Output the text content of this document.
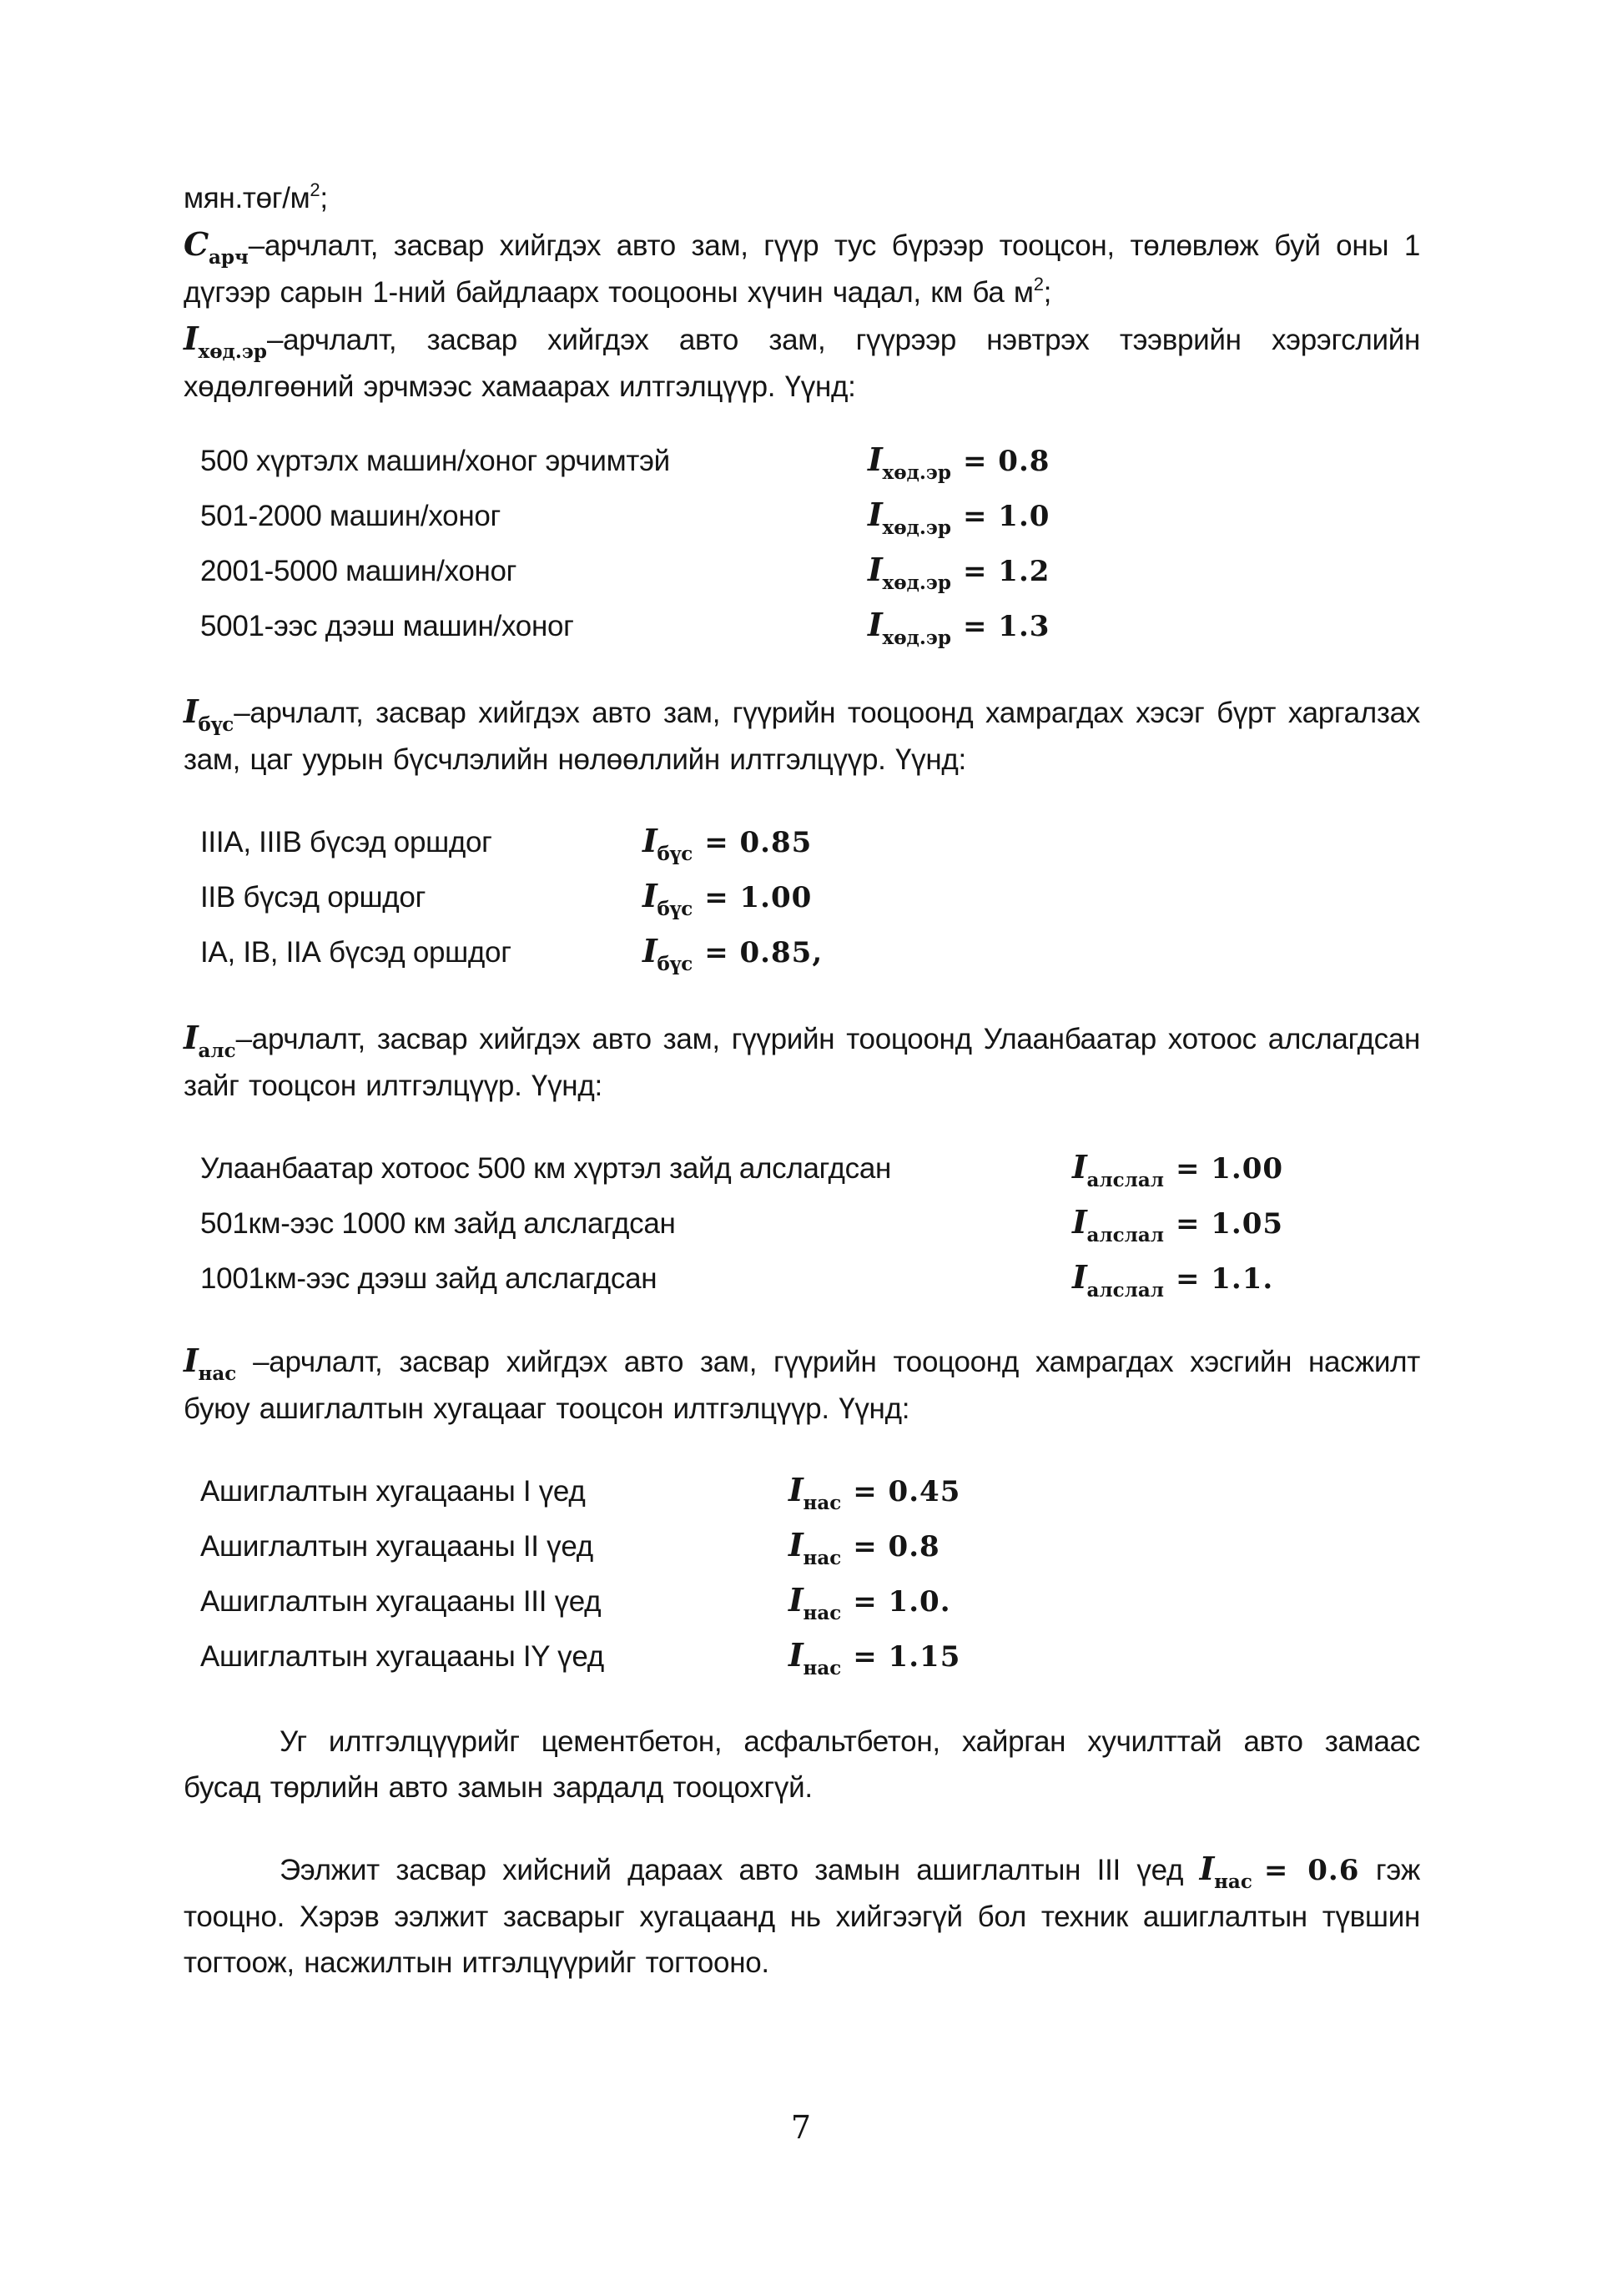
$мян.төг/м^2$;

$C_{арч}$–арчлалт, засвар хийгдэх авто зам, гүүр тус бүрээр тооцсон, төлөвлөж буй оны 1 дүгээр сарын 1-ний байдлаарх тооцооны хүчин чадал, км ба $м^2$;

$I_{хөд.эр}$–арчлалт, засвар хийгдэх авто зам, гүүрээр нэвтрэх тээврийн хэрэгслийн хөдөлгөөний эрчмээс хамаарах илтгэлцүүр. Үүнд:

500 хүртэлх машин/хоног эрчимтэй	$I_{хөд.эр} = 0.8$
501-2000 машин/хоног	$I_{хөд.эр} = 1.0$
2001-5000 машин/хоног	$I_{хөд.эр} = 1.2$
5001-ээс дээш машин/хоног	$I_{хөд.эр} = 1.3$

$I_{бүс}$–арчлалт, засвар хийгдэх авто зам, гүүрийн тооцоонд хамрагдах хэсэг бүрт харгалзах зам, цаг уурын бүсчлэлийн нөлөөллийн илтгэлцүүр. Үүнд:

IIIА, IIIВ бүсэд оршдог	$I_{бүс} = 0.85$
IIВ бүсэд оршдог	$I_{бүс} = 1.00$
IА, IВ, IIА бүсэд оршдог	$I_{бүс} = 0.85$,

$I_{алс}$–арчлалт, засвар хийгдэх авто зам, гүүрийн тооцоонд Улаанбаатар хотоос алслагдсан зайг тооцсон илтгэлцүүр. Үүнд:

Улаанбаатар хотоос 500 км хүртэл зайд алслагдсан	$I_{алслал} = 1.00$
501км-ээс 1000 км зайд алслагдсан	$I_{алслал} = 1.05$
1001км-ээс дээш зайд алслагдсан	$I_{алслал} = 1.1$.

$I_{нас}$ –арчлалт, засвар хийгдэх авто зам, гүүрийн тооцоонд хамрагдах хэсгийн насжилт буюу ашиглалтын хугацааг тооцсон илтгэлцүүр. Үүнд:

Ашиглалтын хугацааны I үед	$I_{нас} = 0.45$
Ашиглалтын хугацааны II үед	$I_{нас} = 0.8$
Ашиглалтын хугацааны III үед	$I_{нас} = 1.0$.
Ашиглалтын хугацааны IY үед	$I_{нас} = 1.15$

Уг илтгэлцүүрийг цементбетон, асфальтбетон, хайрган хучилттай авто замаас бусад төрлийн авто замын зардалд тооцохгүй.

Ээлжит засвар хийсний дараах авто замын ашиглалтын III үед $I_{нас} = 0.6$ гэж тооцно. Хэрэв ээлжит засварыг хугацаанд нь хийгээгүй бол техник ашиглалтын түвшин тогтоож, насжилтын итгэлцүүрийг тогтооно.

7
